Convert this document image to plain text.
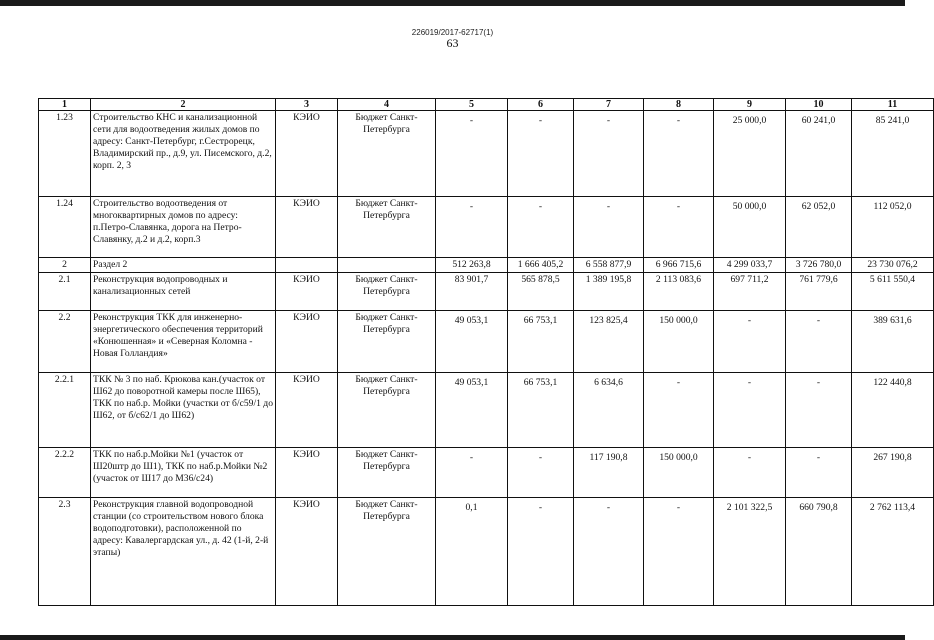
226019/2017-62717(1)
63
1	2	3	4	5	6	7	8	9	10	11
1.23	Строительство КНС и канализационной сети для водоотведения жилых домов по адресу: Санкт-Петербург, г.Сестрорецк, Владимирский пр., д.9, ул. Писемского, д.2, корп. 2, 3	КЭИО	Бюджет Санкт-Петербурга	-	-	-	-	25 000,0	60 241,0	85 241,0
1.24	Строительство водоотведения от многоквартирных домов по адресу: п.Петро-Славянка, дорога на Петро-Славянку, д.2 и д.2, корп.3	КЭИО	Бюджет Санкт-Петербурга	-	-	-	-	50 000,0	62 052,0	112 052,0
2	Раздел 2			512 263,8	1 666 405,2	6 558 877,9	6 966 715,6	4 299 033,7	3 726 780,0	23 730 076,2
2.1	Реконструкция водопроводных и канализационных сетей	КЭИО	Бюджет Санкт-Петербурга	83 901,7	565 878,5	1 389 195,8	2 113 083,6	697 711,2	761 779,6	5 611 550,4
2.2	Реконструкция ТКК для инженерно-энергетического обеспечения территорий «Конюшенная» и «Северная Коломна - Новая Голландия»	КЭИО	Бюджет Санкт-Петербурга	49 053,1	66 753,1	123 825,4	150 000,0	-	-	389 631,6
2.2.1	ТКК № 3 по наб. Крюкова кан.(участок от Ш62 до поворотной камеры после Ш65), ТКК по наб.р. Мойки (участки от б/с59/1 до Ш62, от б/с62/1 до Ш62)	КЭИО	Бюджет Санкт-Петербурга	49 053,1	66 753,1	6 634,6	-	-	-	122 440,8
2.2.2	ТКК по наб.р.Мойки №1 (участок от Ш20штр до Ш1), ТКК по наб.р.Мойки №2 (участок от Ш17 до М36/с24)	КЭИО	Бюджет Санкт-Петербурга	-	-	117 190,8	150 000,0	-	-	267 190,8
2.3	Реконструкция главной водопроводной станции (со строительством нового блока водоподготовки), расположенной по адресу: Кавалергардская ул., д. 42 (1-й, 2-й этапы)	КЭИО	Бюджет Санкт-Петербурга	0,1	-	-	-	2 101 322,5	660 790,8	2 762 113,4
